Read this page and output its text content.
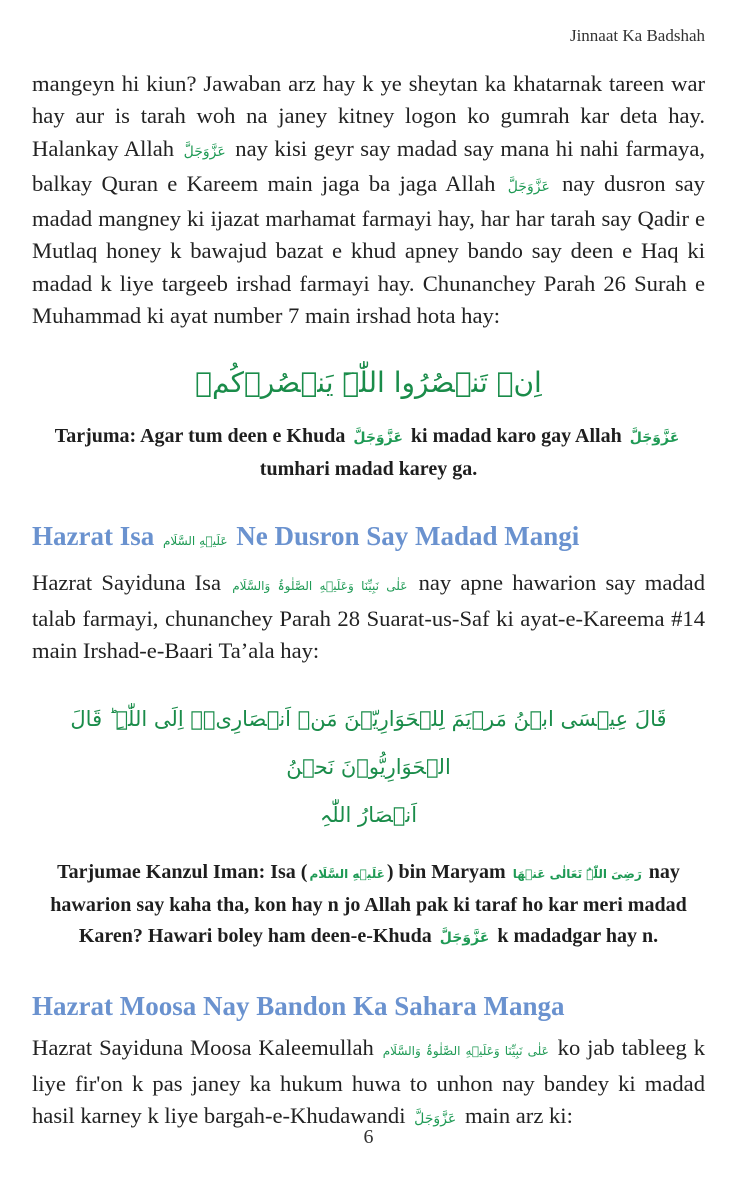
Jinnaat Ka Badshah

mangeyn hi kiun? Jawaban arz hay k ye sheytan ka khatarnak tareen war hay aur is tarah woh na janey kitney logon ko gumrah kar deta hay. Halankay Allah عَزَّوَجَلَّ nay kisi geyr say madad say mana hi nahi farmaya, balkay Quran e Kareem main jaga ba jaga Allah عَزَّوَجَلَّ nay dusron say madad mangney ki ijazat marhamat farmayi hay, har har tarah say Qadir e Mutlaq honey k bawajud bazat e khud apney bando say deen e Haq ki madad k liye targeeb irshad farmayi hay. Chunanchey Parah 26 Surah e Muhammad ki ayat number 7 main irshad hota hay:

اِنۡ تَنۡصُرُوا اللّٰہَ یَنۡصُرۡکُمۡ

Tarjuma: Agar tum deen e Khuda عَزَّوَجَلَّ ki madad karo gay Allah عَزَّوَجَلَّ
tumhari madad karey ga.

Hazrat Isa عَلَيۡهِ السَّلَام Ne Dusron Say Madad Mangi

Hazrat Sayiduna Isa عَلٰی نَبِیِّنَا وَعَلَيۡهِ الصَّلٰوۃُ وَالسَّلَام nay apne hawarion say madad talab farmayi, chunanchey Parah 28 Suarat-us-Saf ki ayat-e-Kareema #14 main Irshad-e-Baari Ta’ala hay:

قَالَ عِیۡسَی ابۡنُ مَرۡیَمَ لِلۡحَوَارِیّٖنَ مَنۡ اَنۡصَارِیۡۤ اِلَی اللّٰہِ ؕ قَالَ الۡحَوَارِیُّوۡنَ نَحۡنُ
اَنۡصَارُ اللّٰہِ

Tarjumae Kanzul Iman: Isa ( عَلَيۡهِ السَّلَام ) bin Maryam رَضِیَ اللّٰہُ تَعَالٰی عَنۡهَا nay hawarion say kaha tha, kon hay n jo Allah pak ki taraf ho kar meri madad Karen? Hawari boley ham deen-e-Khuda عَزَّوَجَلَّ k madadgar hay n.

Hazrat Moosa Nay Bandon Ka Sahara Manga

Hazrat Sayiduna Moosa Kaleemullah عَلٰی نَبِیِّنَا وَعَلَيۡهِ الصَّلٰوۃُ وَالسَّلَام ko jab tableeg k liye fir'on k pas janey ka hukum huwa to unhon nay bandey ki madad hasil karney k liye bargah-e-Khudawandi عَزَّوَجَلَّ main arz ki:

6
